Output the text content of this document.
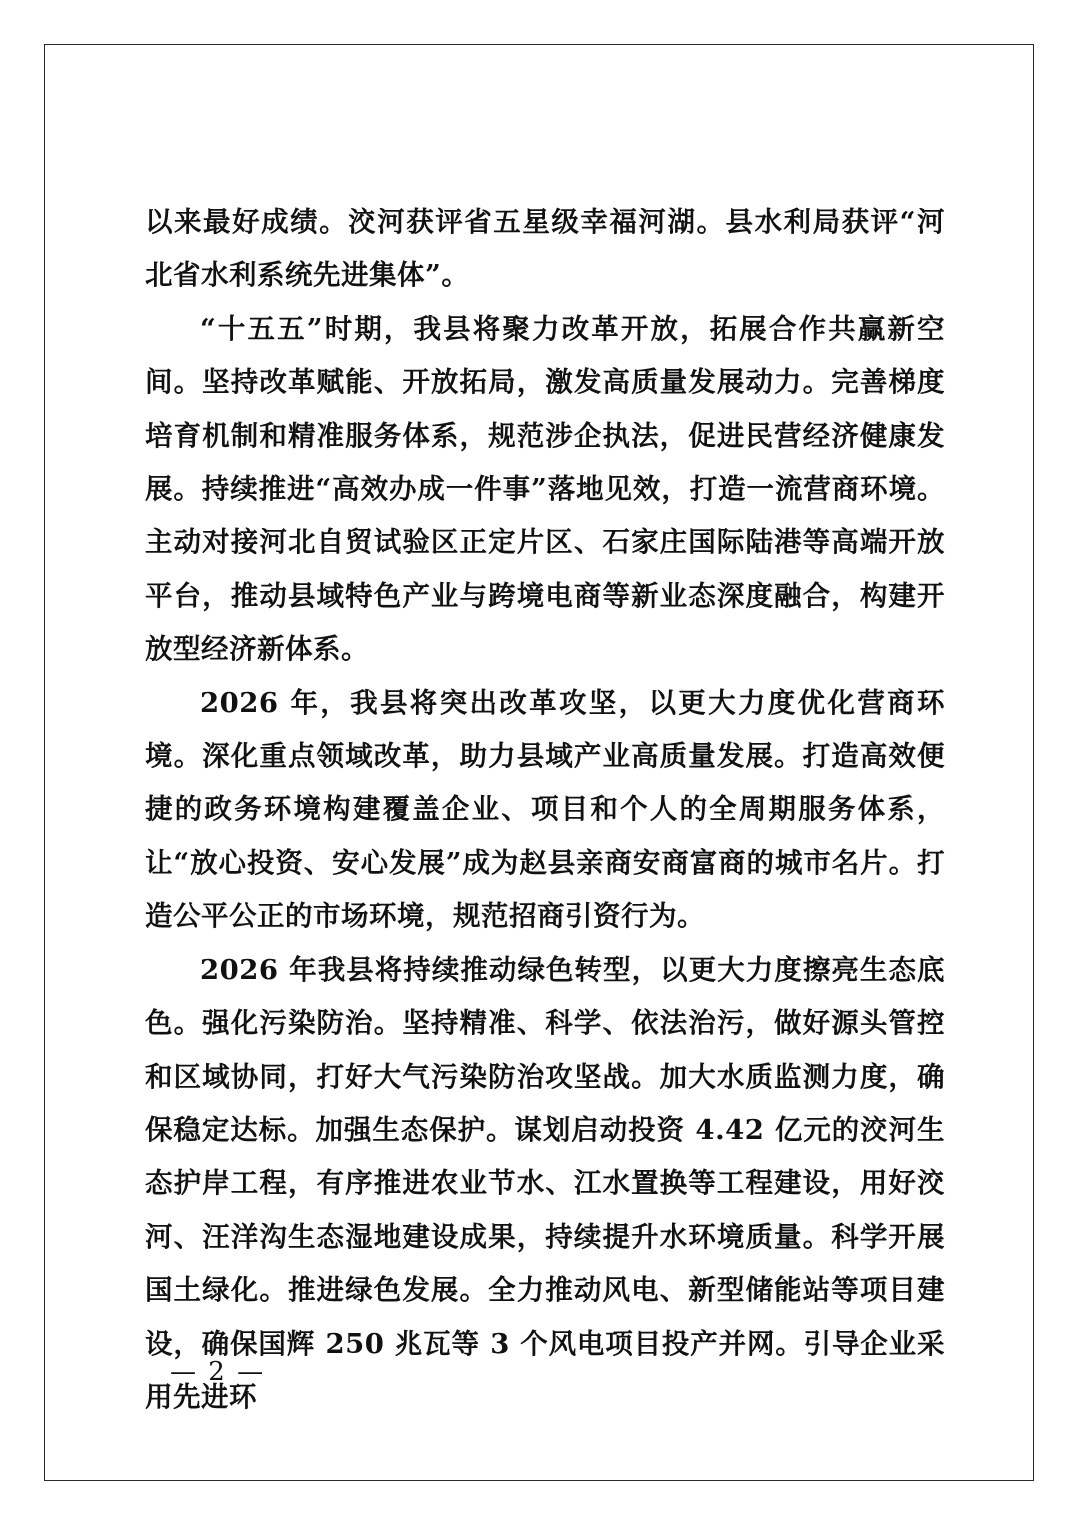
以来最好成绩。洨河获评省五星级幸福河湖。县水利局获评“河北省水利系统先进集体”。

“十五五”时期，我县将聚力改革开放，拓展合作共赢新空间。坚持改革赋能、开放拓局，激发高质量发展动力。完善梯度培育机制和精准服务体系，规范涉企执法，促进民营经济健康发展。持续推进“高效办成一件事”落地见效，打造一流营商环境。主动对接河北自贸试验区正定片区、石家庄国际陆港等高端开放平台，推动县域特色产业与跨境电商等新业态深度融合，构建开放型经济新体系。

2026 年，我县将突出改革攻坚，以更大力度优化营商环境。深化重点领域改革，助力县域产业高质量发展。打造高效便捷的政务环境构建覆盖企业、项目和个人的全周期服务体系，让“放心投资、安心发展”成为赵县亲商安商富商的城市名片。打造公平公正的市场环境，规范招商引资行为。

2026 年我县将持续推动绿色转型，以更大力度擦亮生态底色。强化污染防治。坚持精准、科学、依法治污，做好源头管控和区域协同，打好大气污染防治攻坚战。加大水质监测力度，确保稳定达标。加强生态保护。谋划启动投资 4.42 亿元的洨河生态护岸工程，有序推进农业节水、江水置换等工程建设，用好洨河、汪洋沟生态湿地建设成果，持续提升水环境质量。科学开展国土绿化。推进绿色发展。全力推动风电、新型储能站等项目建设，确保国辉 250 兆瓦等 3 个风电项目投产并网。引导企业采用先进环

— 2 —
